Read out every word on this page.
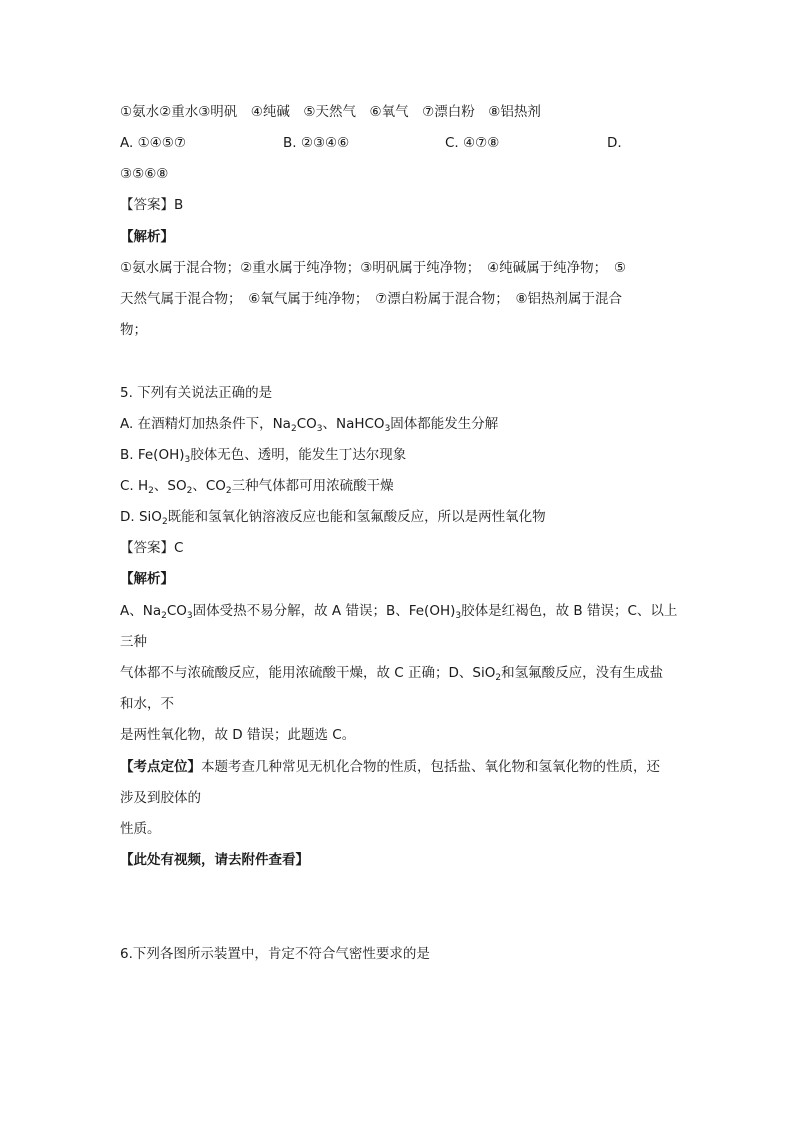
①氨水②重水③明矾　④纯碱　⑤天然气　⑥氧气　⑦漂白粉　⑧铝热剂
A. ①④⑤⑦	B. ②③④⑥	C. ④⑦⑧	D.
③⑤⑥⑧
【答案】B
【解析】
①氨水属于混合物；②重水属于纯净物；③明矾属于纯净物；　④纯碱属于纯净物；　⑤
天然气属于混合物；　⑥氧气属于纯净物；　⑦漂白粉属于混合物；　⑧铝热剂属于混合
物；
5. 下列有关说法正确的是
A. 在酒精灯加热条件下，$Na_2CO_3$、NaHCO$_3$固体都能发生分解
B. $Fe(OH)_3$胶体无色、透明，能发生丁达尔现象
C. $H_2$、$SO_2$、$CO_2$三种气体都可用浓硫酸干燥
D. SiO$_2$既能和氢氧化钠溶液反应也能和氢氟酸反应，所以是两性氧化物
【答案】C
【解析】
A、$Na_2CO_3$固体受热不易分解，故 A 错误；B、$Fe(OH)_3$胶体是红褐色，故 B 错误；C、以上
三种
气体都不与浓硫酸反应，能用浓硫酸干燥，故 C 正确；D、SiO$_2$和氢氟酸反应，没有生成盐
和水，不
是两性氧化物，故 D 错误；此题选 C。
【考点定位】本题考查几种常见无机化合物的性质，包括盐、氧化物和氢氧化物的性质，还
涉及到胶体的
性质。
【此处有视频，请去附件查看】
6.下列各图所示装置中，肯定不符合气密性要求的是
